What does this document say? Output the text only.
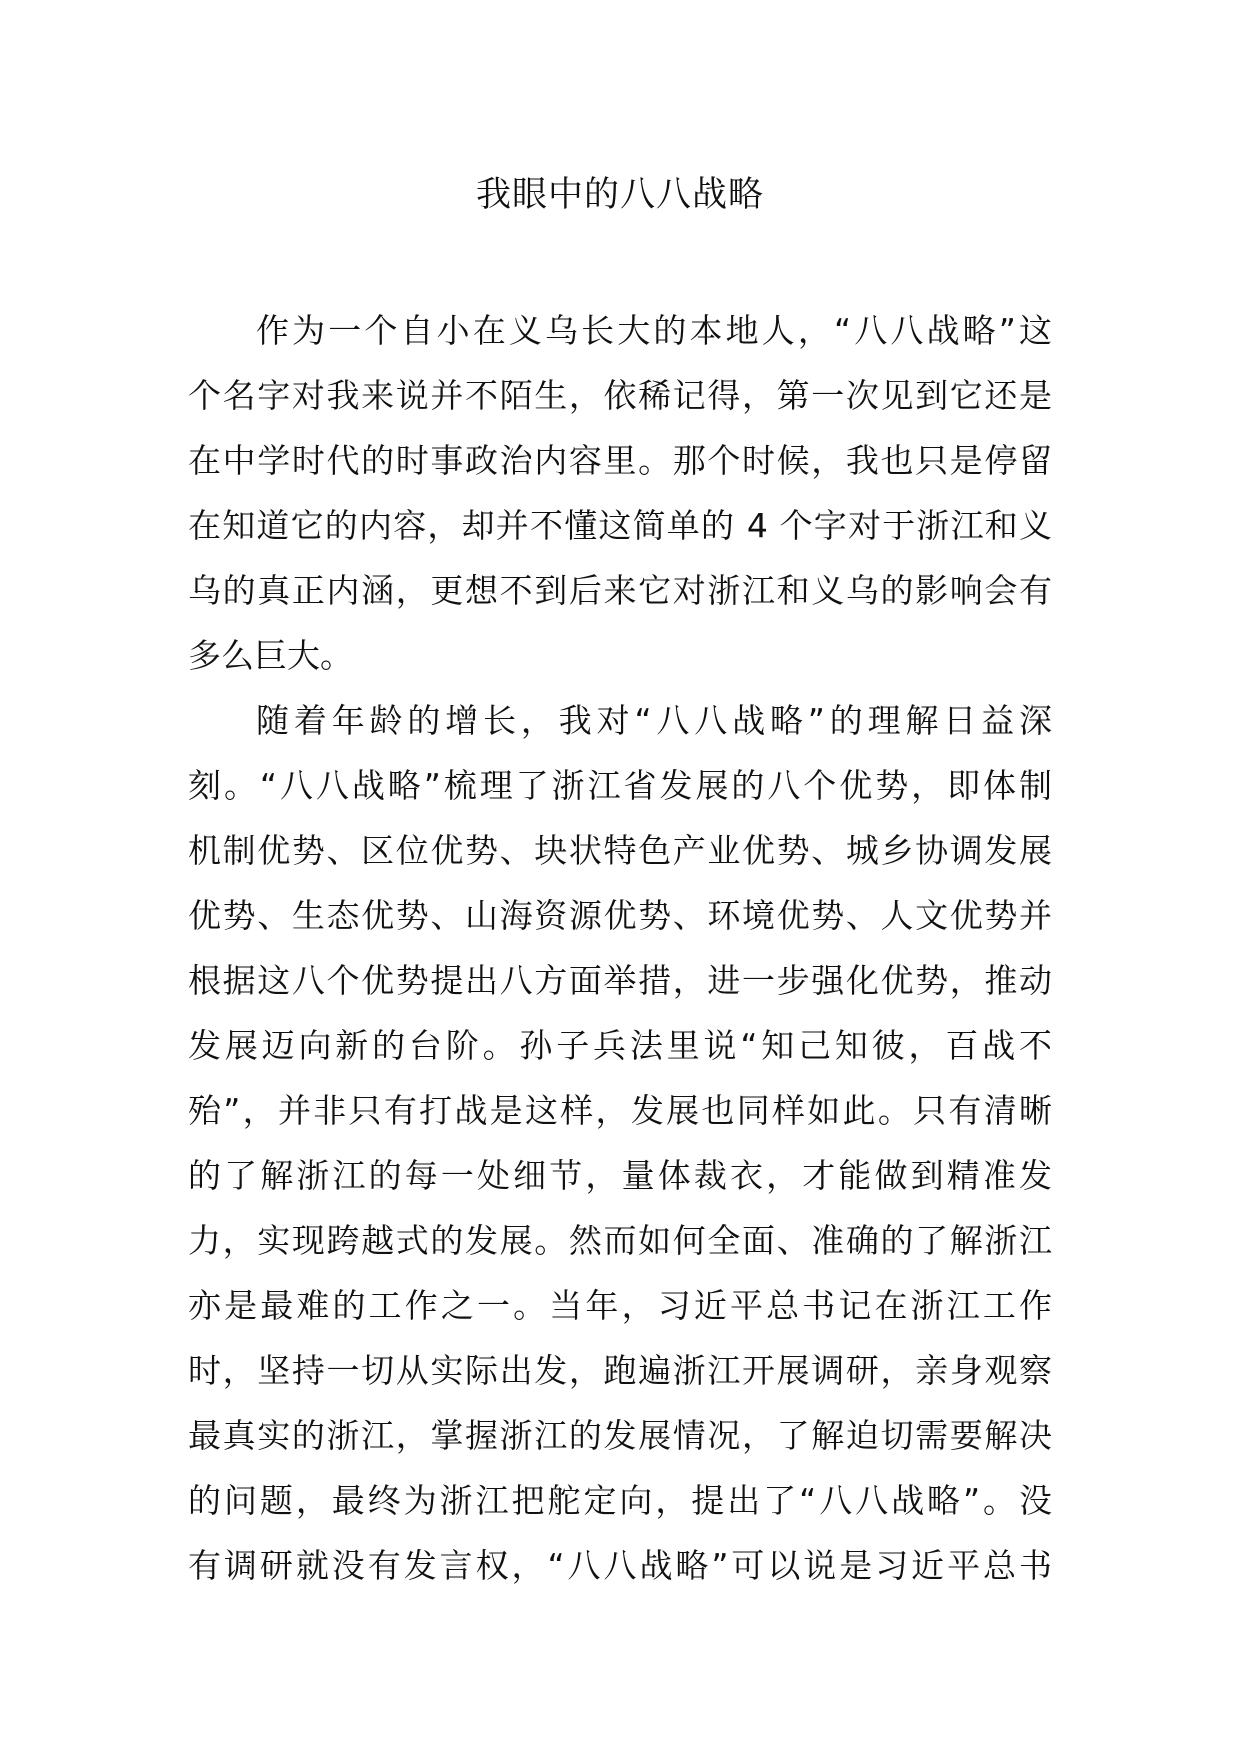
我眼中的八八战略
作为一个自小在义乌长大的本地人，“八八战略”这
个名字对我来说并不陌生，依稀记得，第一次见到它还是
在中学时代的时事政治内容里。那个时候，我也只是停留
在知道它的内容，却并不懂这简单的 4 个字对于浙江和义
乌的真正内涵，更想不到后来它对浙江和义乌的影响会有
多么巨大。
随着年龄的增长，我对“八八战略”的理解日益深
刻。“八八战略”梳理了浙江省发展的八个优势，即体制
机制优势、区位优势、块状特色产业优势、城乡协调发展
优势、生态优势、山海资源优势、环境优势、人文优势并
根据这八个优势提出八方面举措，进一步强化优势，推动
发展迈向新的台阶。孙子兵法里说“知己知彼，百战不
殆”，并非只有打战是这样，发展也同样如此。只有清晰
的了解浙江的每一处细节，量体裁衣，才能做到精准发
力，实现跨越式的发展。然而如何全面、准确的了解浙江
亦是最难的工作之一。当年，习近平总书记在浙江工作
时，坚持一切从实际出发，跑遍浙江开展调研，亲身观察
最真实的浙江，掌握浙江的发展情况，了解迫切需要解决
的问题，最终为浙江把舵定向，提出了“八八战略”。没
有调研就没有发言权，“八八战略”可以说是习近平总书
